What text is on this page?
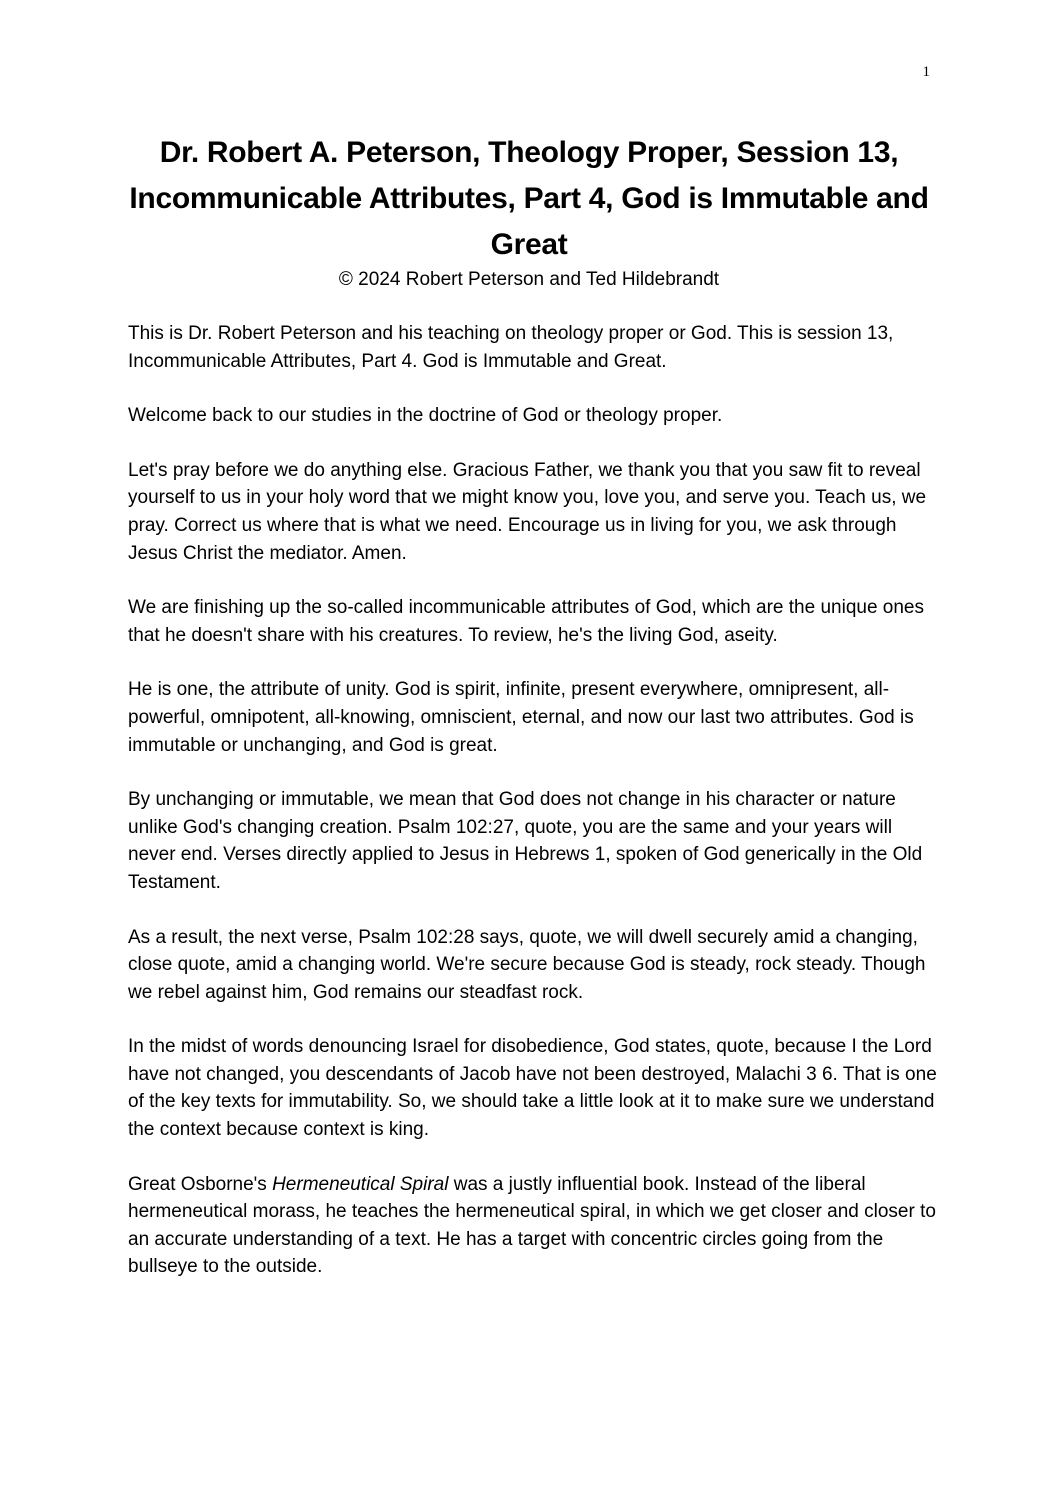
1
Dr. Robert A. Peterson, Theology Proper, Session 13, Incommunicable Attributes, Part 4, God is Immutable and Great

© 2024 Robert Peterson and Ted Hildebrandt

This is Dr. Robert Peterson and his teaching on theology proper or God. This is session 13, Incommunicable Attributes, Part 4. God is Immutable and Great.

Welcome back to our studies in the doctrine of God or theology proper.

Let's pray before we do anything else. Gracious Father, we thank you that you saw fit to reveal yourself to us in your holy word that we might know you, love you, and serve you. Teach us, we pray. Correct us where that is what we need. Encourage us in living for you, we ask through Jesus Christ the mediator. Amen.

We are finishing up the so-called incommunicable attributes of God, which are the unique ones that he doesn't share with his creatures. To review, he's the living God, aseity.

He is one, the attribute of unity. God is spirit, infinite, present everywhere, omnipresent, all-powerful, omnipotent, all-knowing, omniscient, eternal, and now our last two attributes. God is immutable or unchanging, and God is great.

By unchanging or immutable, we mean that God does not change in his character or nature unlike God's changing creation. Psalm 102:27, quote, you are the same and your years will never end. Verses directly applied to Jesus in Hebrews 1, spoken of God generically in the Old Testament.

As a result, the next verse, Psalm 102:28 says, quote, we will dwell securely amid a changing, close quote, amid a changing world. We're secure because God is steady, rock steady. Though we rebel against him, God remains our steadfast rock.

In the midst of words denouncing Israel for disobedience, God states, quote, because I the Lord have not changed, you descendants of Jacob have not been destroyed, Malachi 3 6. That is one of the key texts for immutability. So, we should take a little look at it to make sure we understand the context because context is king.

Great Osborne's Hermeneutical Spiral was a justly influential book. Instead of the liberal hermeneutical morass, he teaches the hermeneutical spiral, in which we get closer and closer to an accurate understanding of a text. He has a target with concentric circles going from the bullseye to the outside.
